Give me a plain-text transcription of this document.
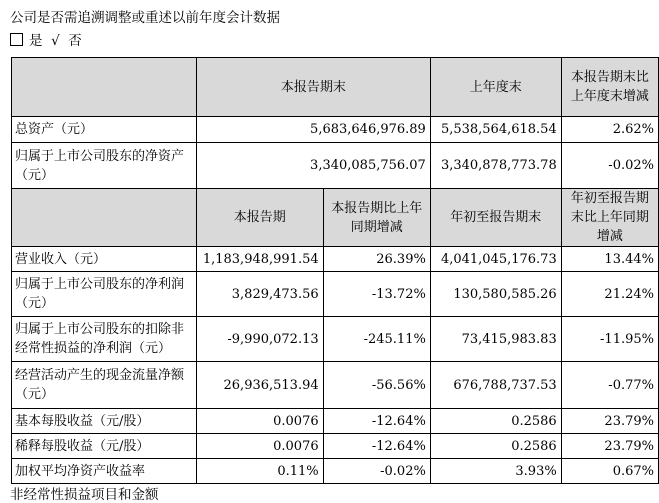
公司是否需追溯调整或重述以前年度会计数据
是 √ 否
	本报告期末		上年度末	本报告期末比上年度末增减
总资产（元）	5,683,646,976.89		5,538,564,618.54	2.62%
归属于上市公司股东的净资产（元）	3,340,085,756.07		3,340,878,773.78	-0.02%
	本报告期	本报告期比上年同期增减	年初至报告期末	年初至报告期末比上年同期增减
营业收入（元）	1,183,948,991.54	26.39%	4,041,045,176.73	13.44%
归属于上市公司股东的净利润（元）	3,829,473.56	-13.72%	130,580,585.26	21.24%
归属于上市公司股东的扣除非经常性损益的净利润（元）	-9,990,072.13	-245.11%	73,415,983.83	-11.95%
经营活动产生的现金流量净额（元）	26,936,513.94	-56.56%	676,788,737.53	-0.77%
基本每股收益（元/股）	0.0076	-12.64%	0.2586	23.79%
稀释每股收益（元/股）	0.0076	-12.64%	0.2586	23.79%
加权平均净资产收益率	0.11%	-0.02%	3.93%	0.67%
非经常性损益项目和金额
